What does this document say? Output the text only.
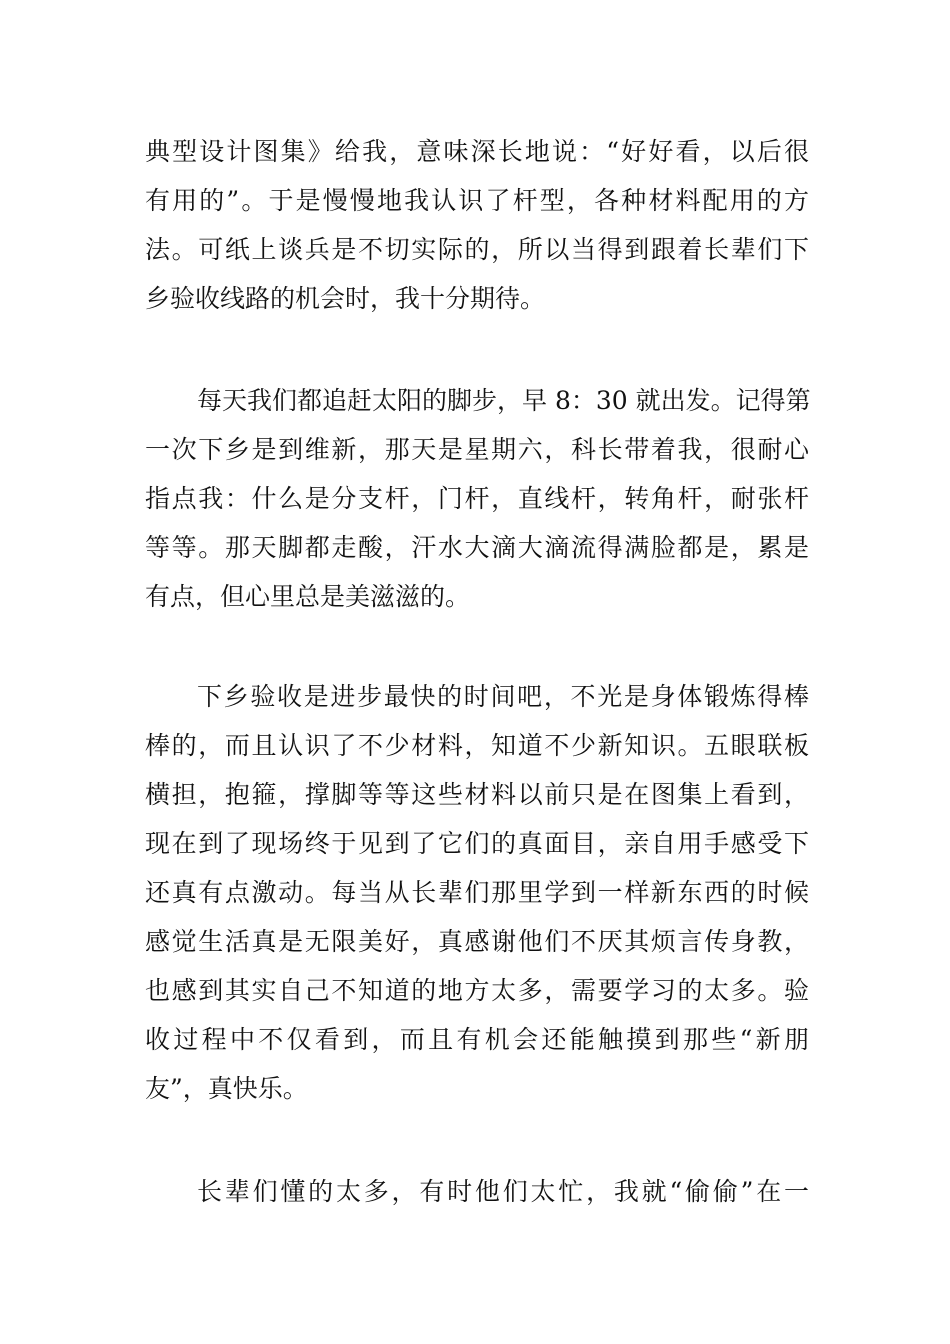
典型设计图集》给我，意味深长地说：“好好看，以后很
有用的”。于是慢慢地我认识了杆型，各种材料配用的方
法。可纸上谈兵是不切实际的，所以当得到跟着长辈们下
乡验收线路的机会时，我十分期待。
每天我们都追赶太阳的脚步，早 8：30 就出发。记得第
一次下乡是到维新，那天是星期六，科长带着我，很耐心
指点我：什么是分支杆，门杆，直线杆，转角杆，耐张杆
等等。那天脚都走酸，汗水大滴大滴流得满脸都是，累是
有点，但心里总是美滋滋的。
下乡验收是进步最快的时间吧，不光是身体锻炼得棒
棒的，而且认识了不少材料，知道不少新知识。五眼联板
横担，抱箍，撑脚等等这些材料以前只是在图集上看到，
现在到了现场终于见到了它们的真面目，亲自用手感受下
还真有点激动。每当从长辈们那里学到一样新东西的时候
感觉生活真是无限美好，真感谢他们不厌其烦言传身教，
也感到其实自己不知道的地方太多，需要学习的太多。验
收过程中不仅看到，而且有机会还能触摸到那些“新朋
友”，真快乐。
长辈们懂的太多，有时他们太忙，我就“偷偷”在一
